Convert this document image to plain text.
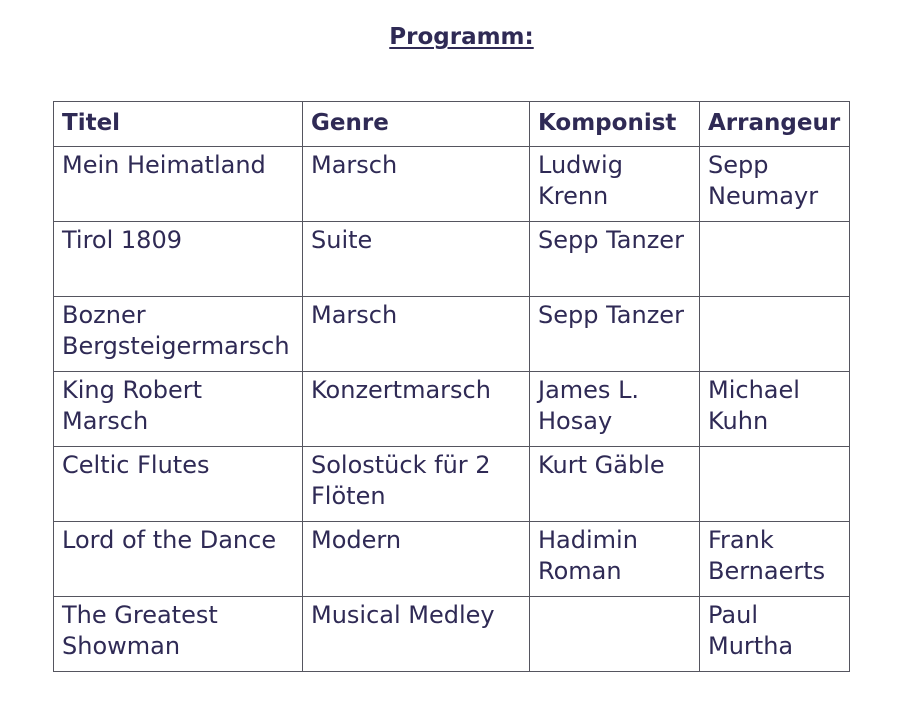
Programm:
Titel	Genre	Komponist	Arrangeur
Mein Heimatland	Marsch	Ludwig Krenn	Sepp Neumayr
Tirol 1809	Suite	Sepp Tanzer	
Bozner Bergsteigermarsch	Marsch	Sepp Tanzer	
King Robert Marsch	Konzertmarsch	James L. Hosay	Michael Kuhn
Celtic Flutes	Solostück für 2 Flöten	Kurt Gäble	
Lord of the Dance	Modern	Hadimin Roman	Frank Bernaerts
The Greatest Showman	Musical Medley		Paul Murtha
